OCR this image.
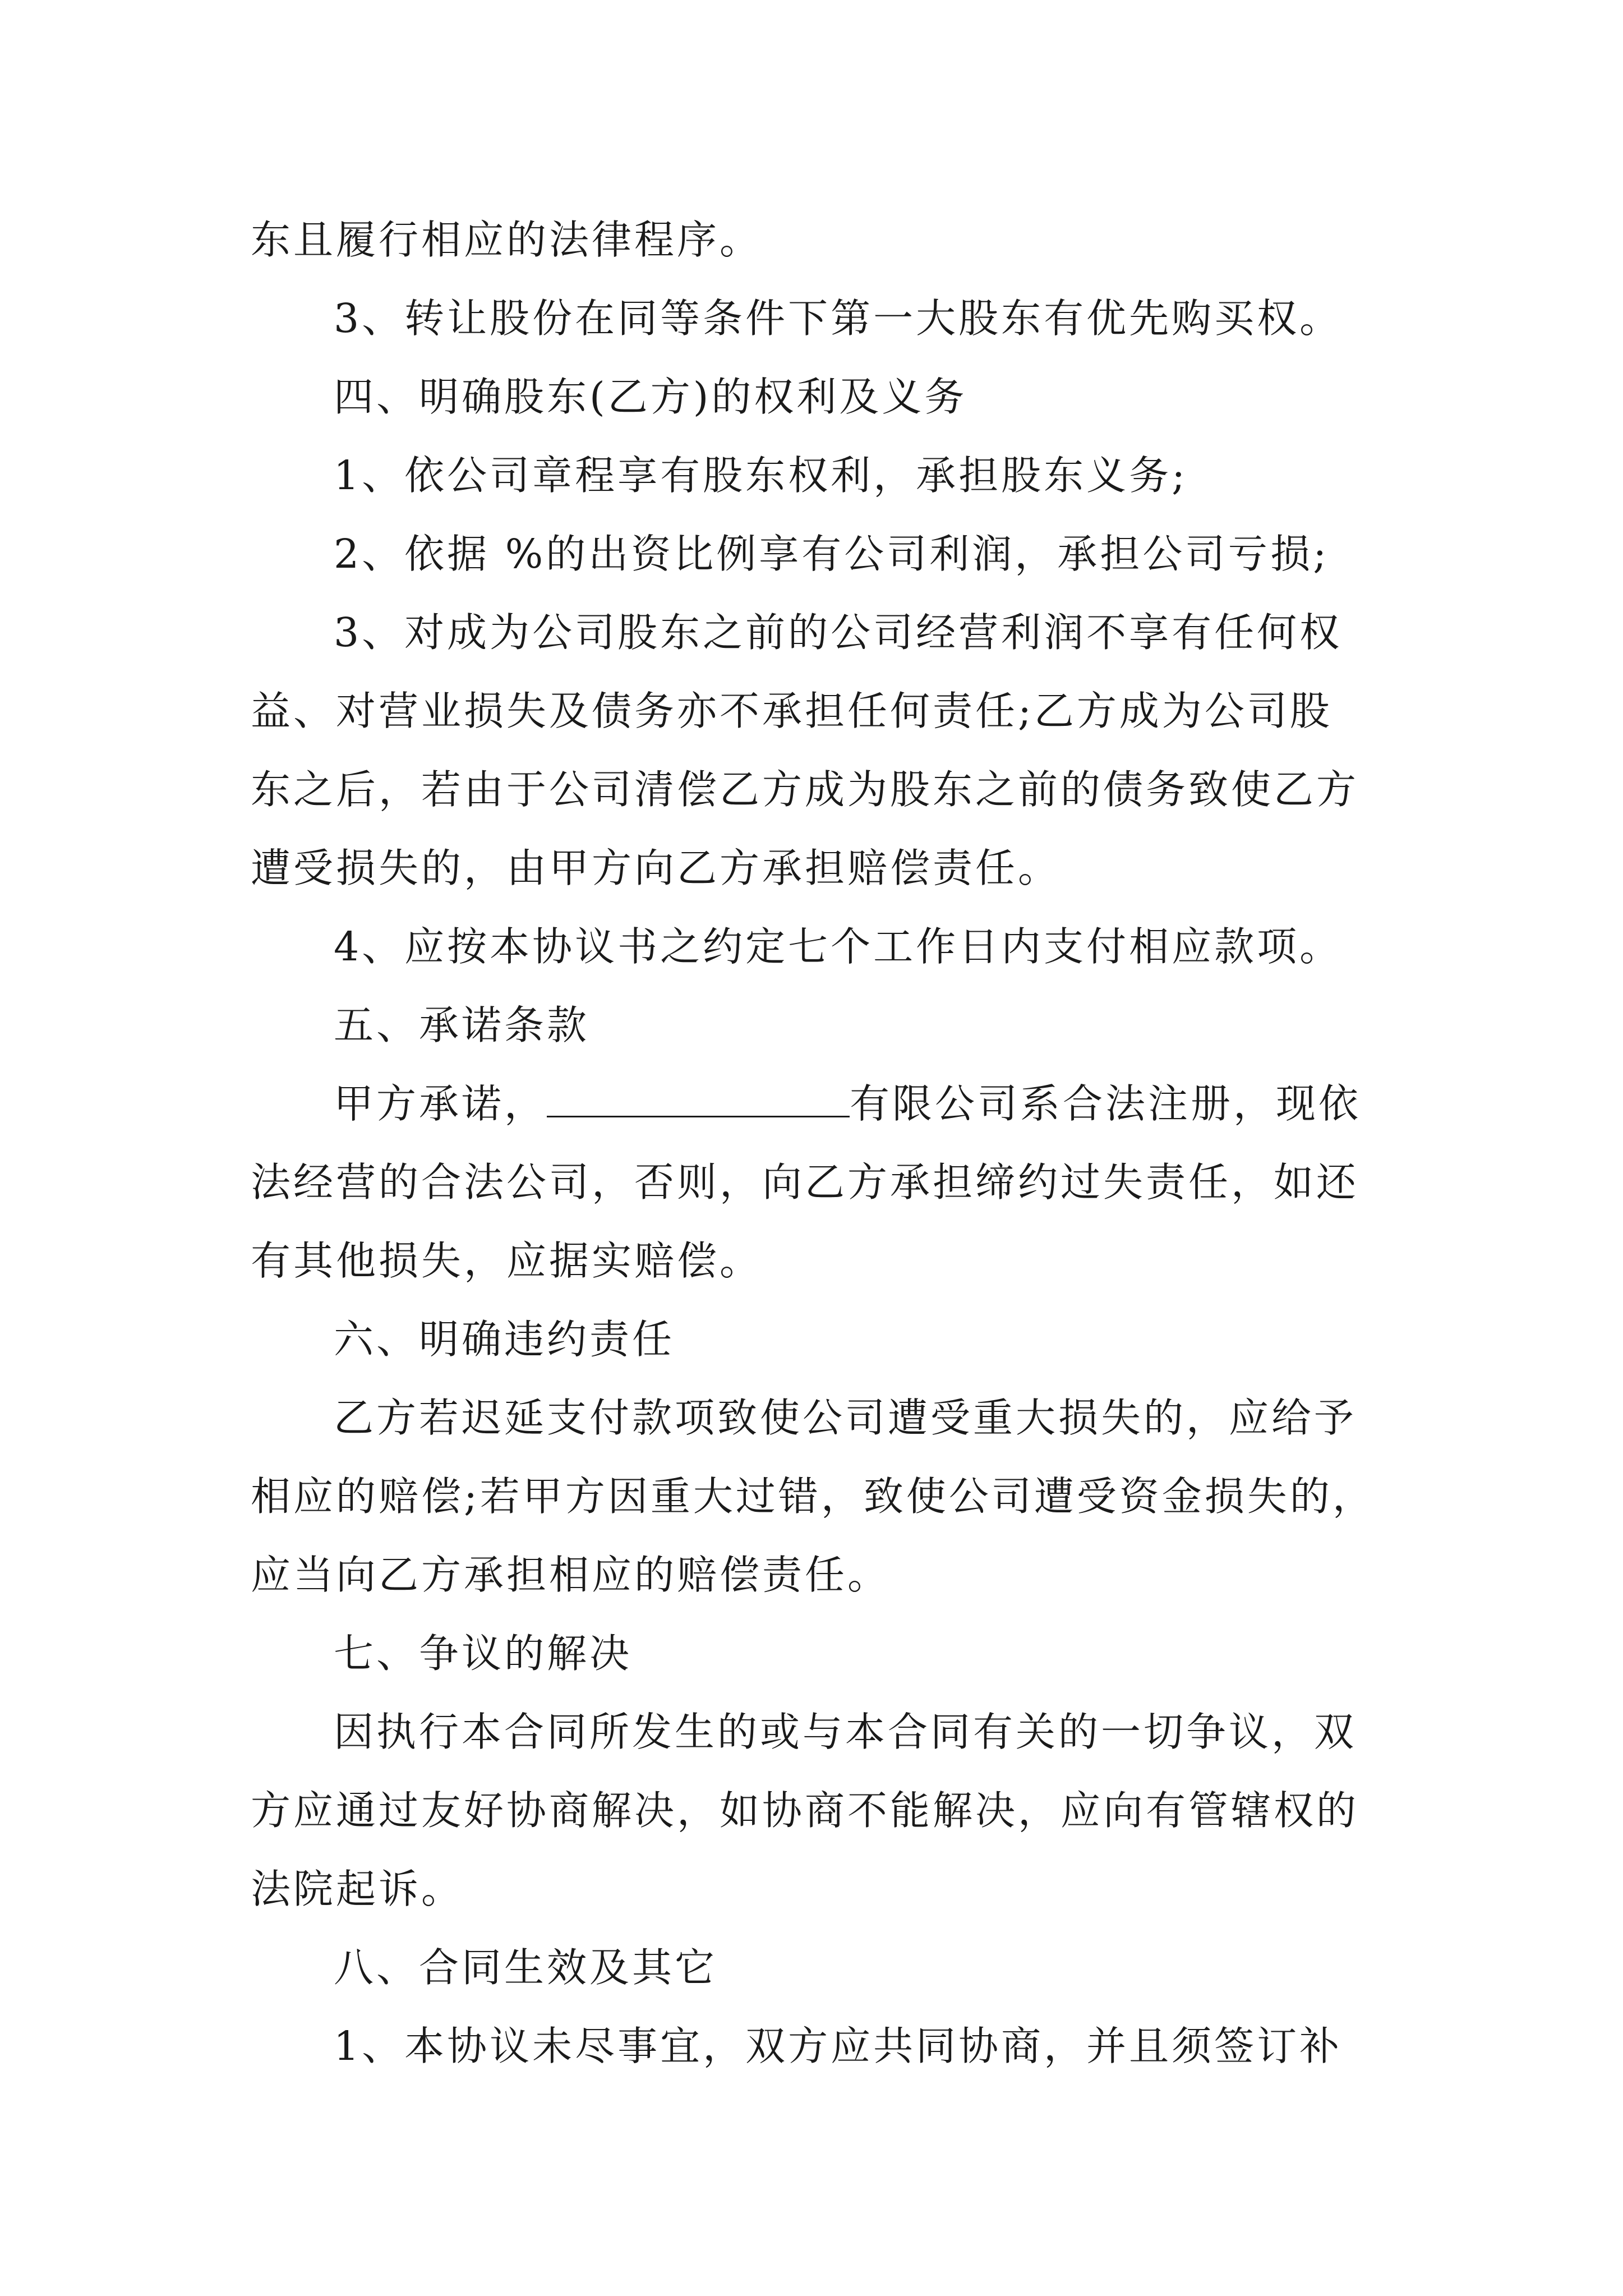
东且履行相应的法律程序。

3、转让股份在同等条件下第一大股东有优先购买权。

四、明确股东(乙方)的权利及义务

1、依公司章程享有股东权利，承担股东义务;

2、依据 %的出资比例享有公司利润，承担公司亏损;

3、对成为公司股东之前的公司经营利润不享有任何权

益、对营业损失及债务亦不承担任何责任;乙方成为公司股

东之后，若由于公司清偿乙方成为股东之前的债务致使乙方

遭受损失的，由甲方向乙方承担赔偿责任。

4、应按本协议书之约定七个工作日内支付相应款项。

五、承诺条款

甲方承诺，	有限公司系合法注册，现依

法经营的合法公司，否则，向乙方承担缔约过失责任，如还

有其他损失，应据实赔偿。

六、明确违约责任

乙方若迟延支付款项致使公司遭受重大损失的，应给予

相应的赔偿;若甲方因重大过错，致使公司遭受资金损失的，

应当向乙方承担相应的赔偿责任。

七、争议的解决

因执行本合同所发生的或与本合同有关的一切争议，双

方应通过友好协商解决，如协商不能解决，应向有管辖权的

法院起诉。

八、合同生效及其它

1、本协议未尽事宜，双方应共同协商，并且须签订补
